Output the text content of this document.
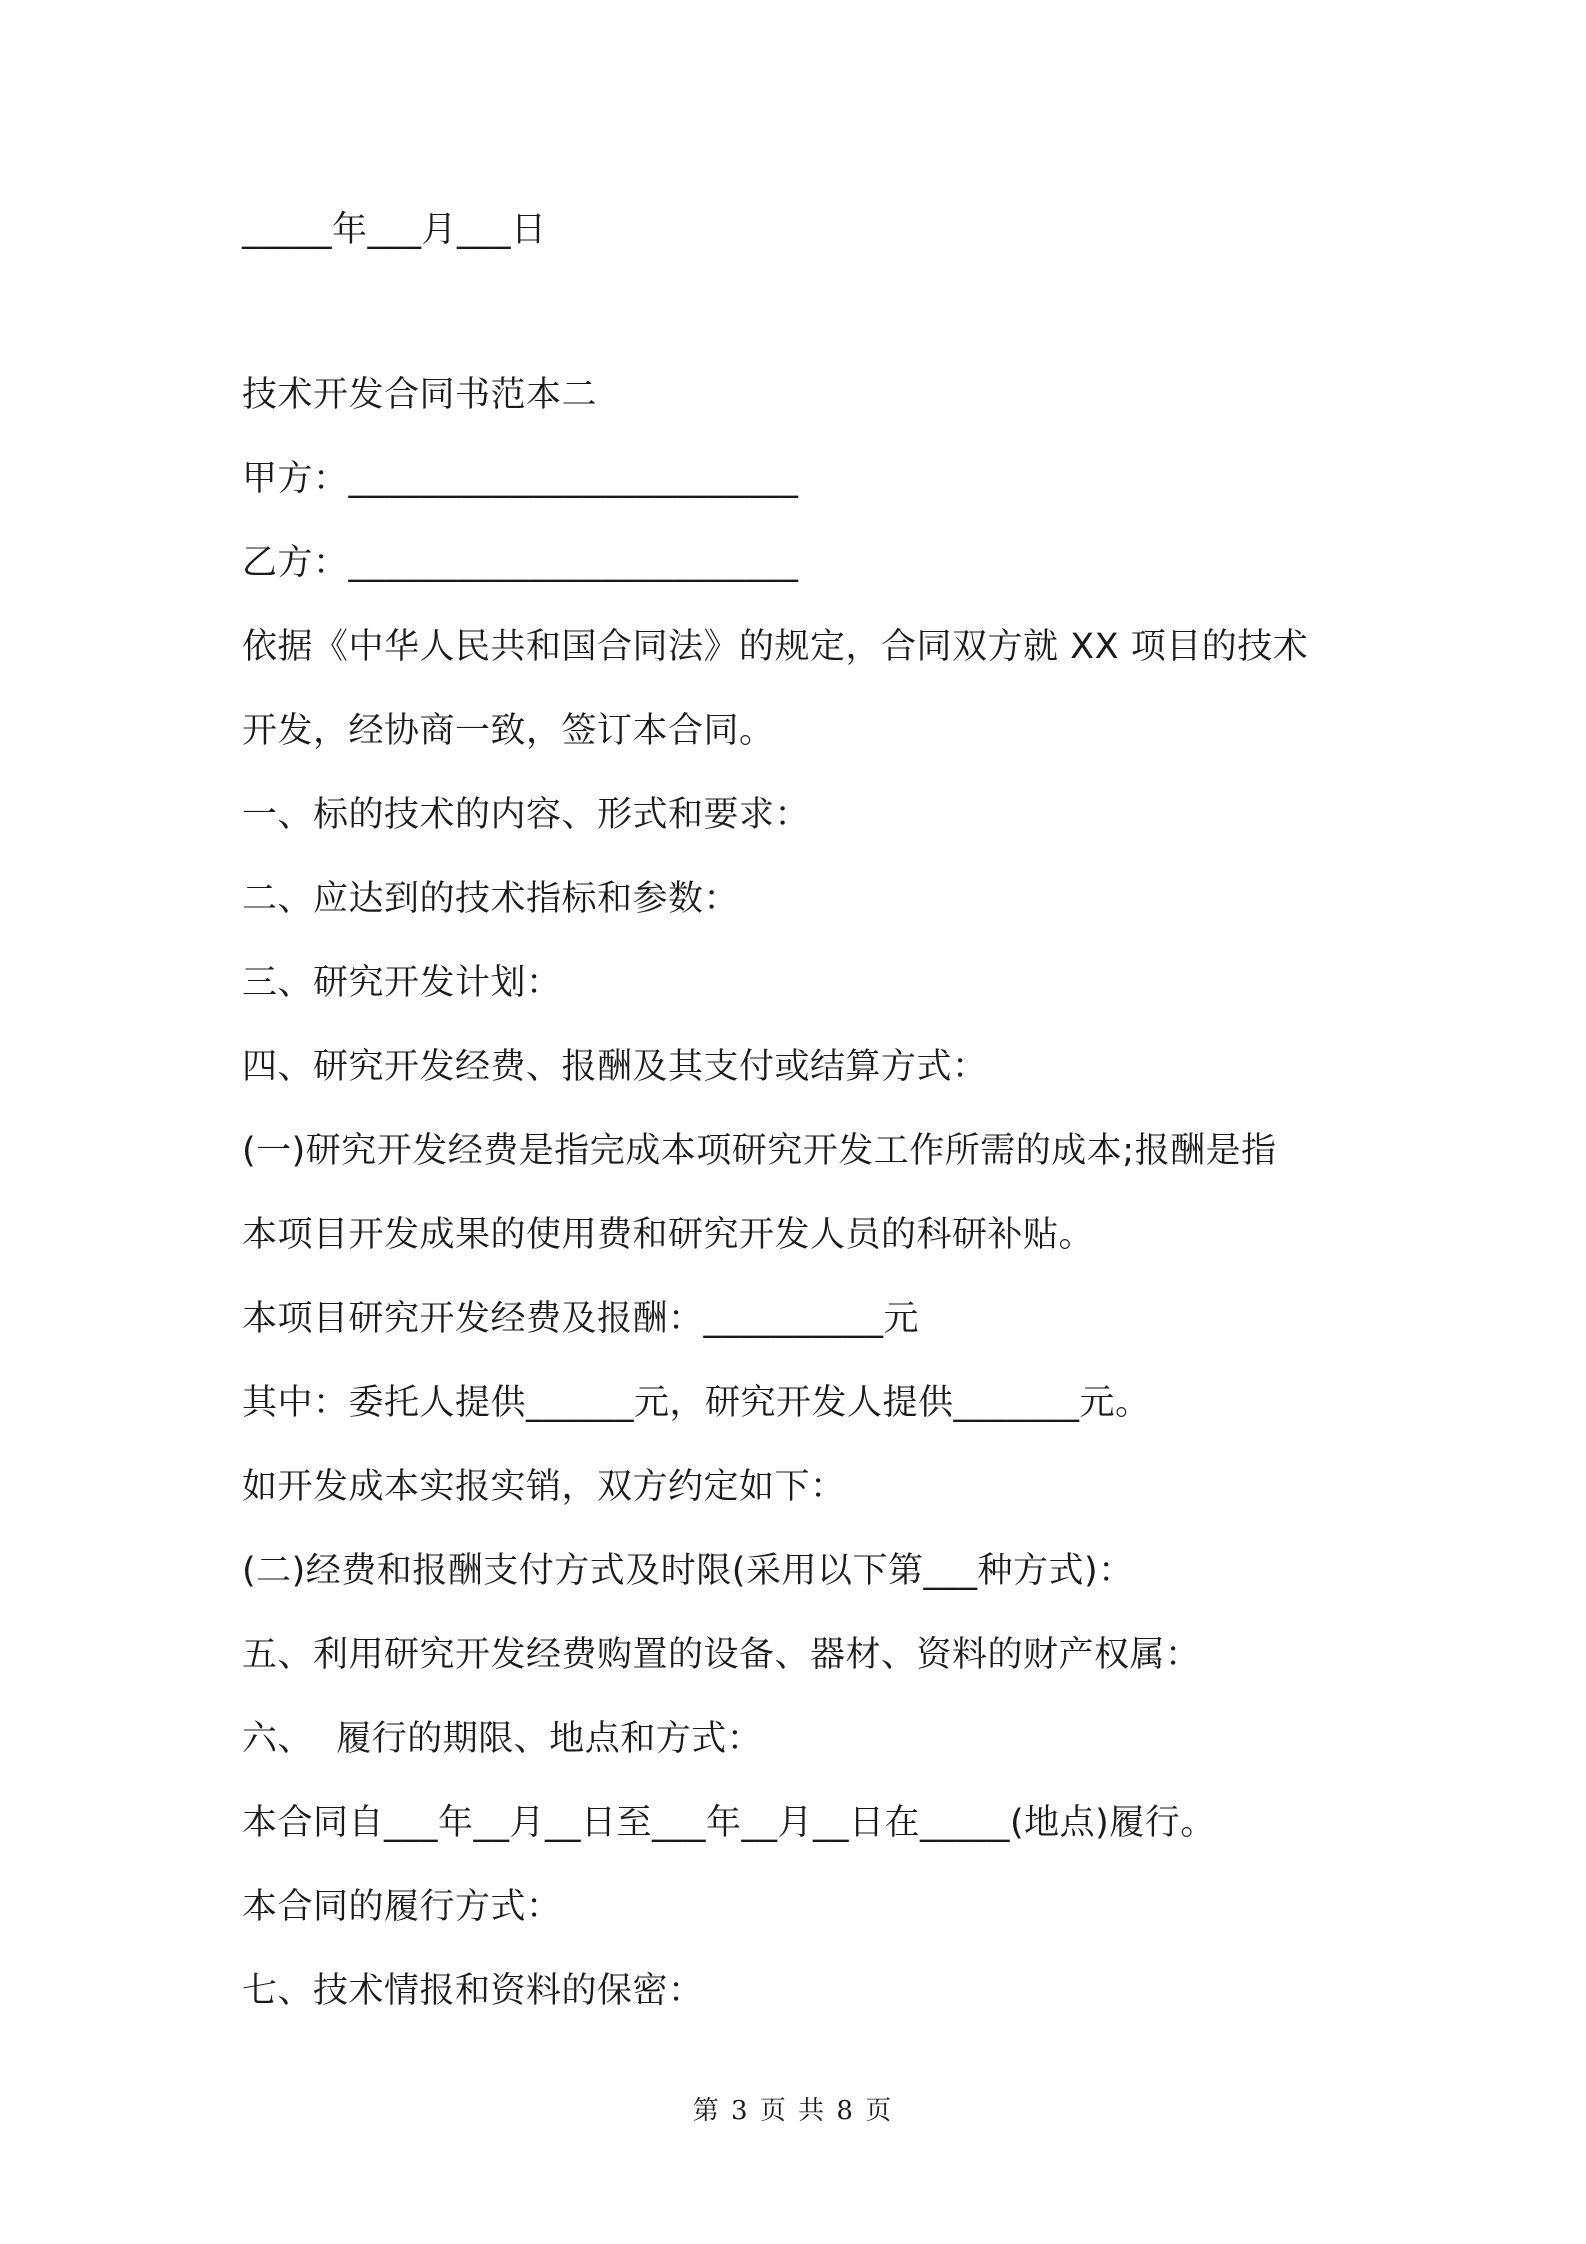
_____年___月___日
技术开发合同书范本二
甲方：_________________________
乙方：_________________________
依据《中华人民共和国合同法》的规定，合同双方就 XX 项目的技术
开发，经协商一致，签订本合同。
一、标的技术的内容、形式和要求：
二、应达到的技术指标和参数：
三、研究开发计划：
四、研究开发经费、报酬及其支付或结算方式：
(一)研究开发经费是指完成本项研究开发工作所需的成本;报酬是指
本项目开发成果的使用费和研究开发人员的科研补贴。
本项目研究开发经费及报酬：__________元
其中：委托人提供______元，研究开发人提供_______元。
如开发成本实报实销，双方约定如下：
(二)经费和报酬支付方式及时限(采用以下第___种方式)：
五、利用研究开发经费购置的设备、器材、资料的财产权属：
六、  履行的期限、地点和方式：
本合同自___年__月__日至___年__月__日在_____(地点)履行。
本合同的履行方式：
七、技术情报和资料的保密：
第 3 页 共 8 页
